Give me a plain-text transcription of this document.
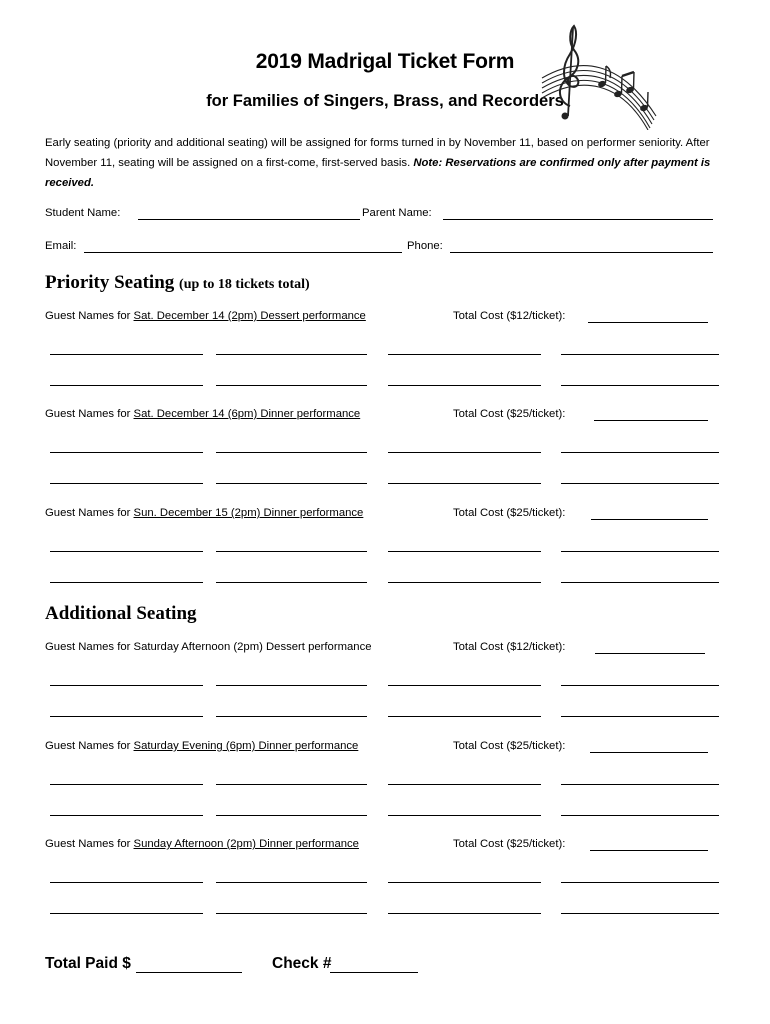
2019 Madrigal Ticket Form
for Families of Singers, Brass, and Recorders
Early seating (priority and additional seating) will be assigned for forms turned in by November 11, based on performer seniority. After November 11, seating will be assigned on a first-come, first-served basis. Note: Reservations are confirmed only after payment is received.
Student Name:	Parent Name:
Email:	Phone:
Priority Seating (up to 18 tickets total)
Guest Names for Sat. December 14 (2pm) Dessert performance	Total Cost ($12/ticket):
Guest Names for Sat. December 14 (6pm) Dinner performance	Total Cost ($25/ticket):
Guest Names for Sun. December 15 (2pm) Dinner performance	Total Cost ($25/ticket):
Additional Seating
Guest Names for Saturday Afternoon (2pm) Dessert performance	Total Cost ($12/ticket):
Guest Names for Saturday Evening (6pm) Dinner performance	Total Cost ($25/ticket):
Guest Names for Sunday Afternoon (2pm) Dinner performance	Total Cost ($25/ticket):
Total Paid $	Check #
